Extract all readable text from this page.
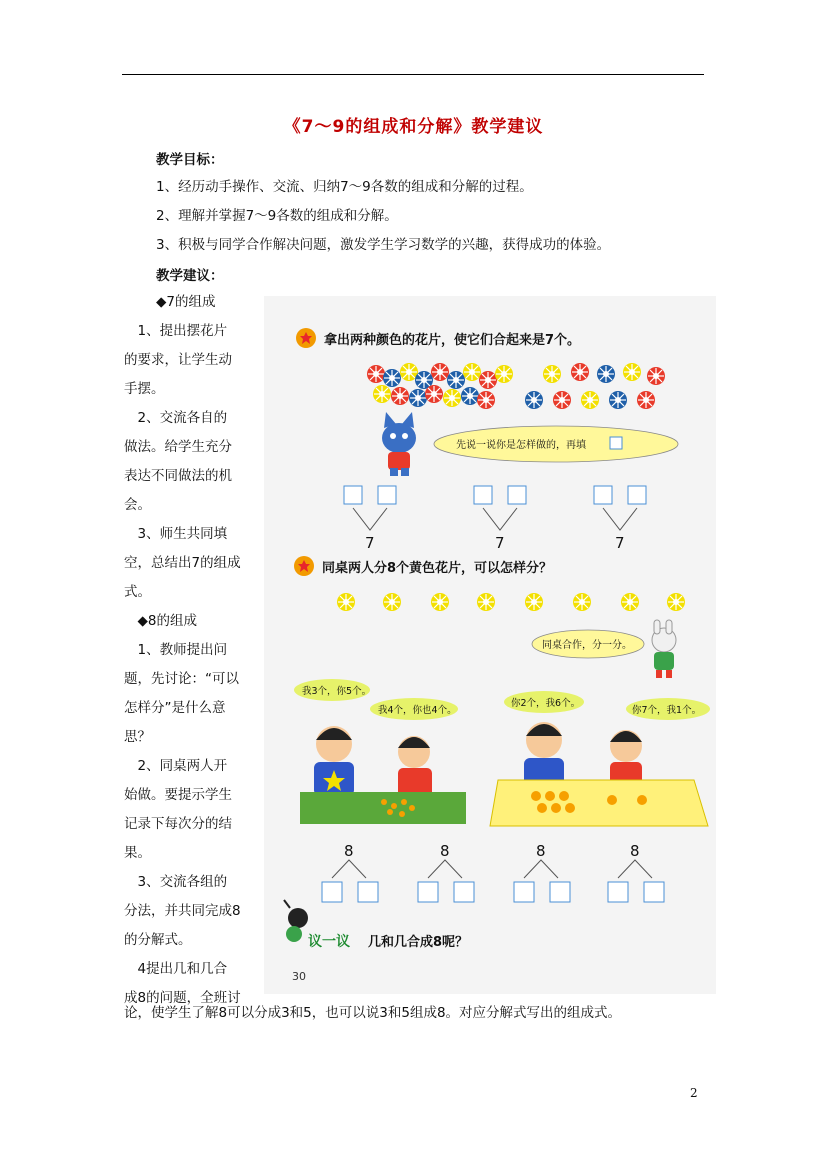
《7～9的组成和分解》教学建议
教学目标：
1、经历动手操作、交流、归纳7～9各数的组成和分解的过程。
2、理解并掌握7～9各数的组成和分解。
3、积极与同学合作解决问题，激发学生学习数学的兴趣，获得成功的体验。
教学建议：
◆7的组成
　1、提出摆花片
的要求，让学生动
手摆。
　2、交流各自的
做法。给学生充分
表达不同做法的机
会。
　3、师生共同填
空，总结出7的组成
式。
　◆8的组成
　1、教师提出问
题，先讨论：“可以
怎样分”是什么意
思？
　2、同桌两人开
始做。要提示学生
记录下每次分的结
果。
　3、交流各组的
分法，并共同完成8
的分解式。
　4提出几和几合
成8的问题，全班讨
论，使学生了解8可以分成3和5，也可以说3和5组成8。对应分解式写出的组成式。
2
拿出两种颜色的花片，使它们合起来是7个。
先说一说你是怎样做的，再填
7	7	7
同桌两人分8个黄色花片，可以怎样分？
同桌合作，分一分。
我3个，你5个。
我4个，你也4个。
你2个，我6个。
你7个，我1个。
8	8	8	8
议一议 几和几合成8呢？
30
